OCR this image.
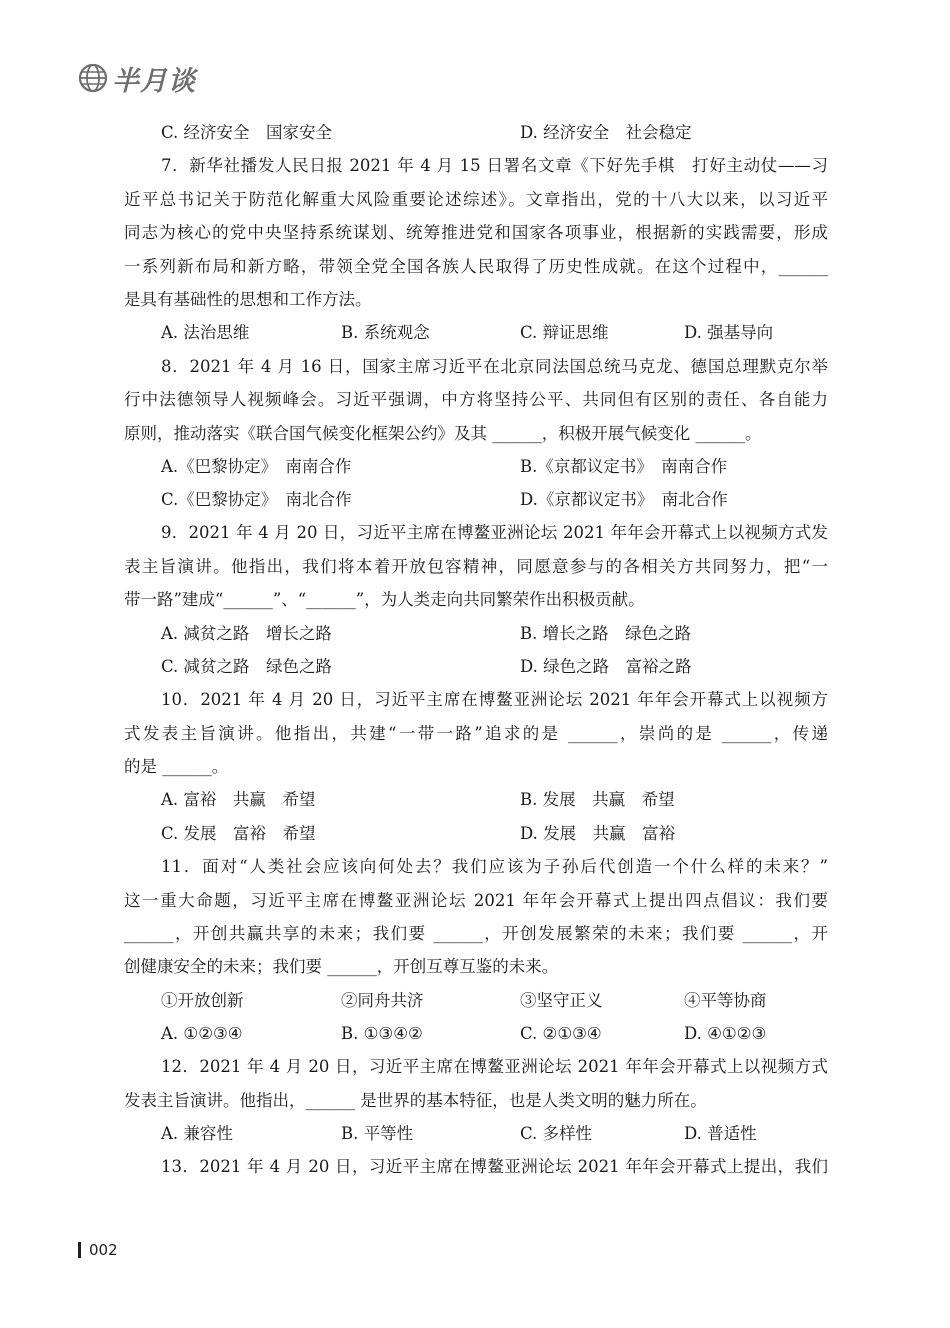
半月谈
C. 经济安全　国家安全	D. 经济安全　社会稳定
7．新华社播发人民日报 2021 年 4 月 15 日署名文章《下好先手棋　打好主动仗——习
近平总书记关于防范化解重大风险重要论述综述》。文章指出，党的十八大以来，以习近平
同志为核心的党中央坚持系统谋划、统筹推进党和国家各项事业，根据新的实践需要，形成
一系列新布局和新方略，带领全党全国各族人民取得了历史性成就。在这个过程中，______
是具有基础性的思想和工作方法。
A. 法治思维	B. 系统观念	C. 辩证思维	D. 强基导向
8．2021 年 4 月 16 日，国家主席习近平在北京同法国总统马克龙、德国总理默克尔举
行中法德领导人视频峰会。习近平强调，中方将坚持公平、共同但有区别的责任、各自能力
原则，推动落实《联合国气候变化框架公约》及其 ______，积极开展气候变化 ______。
A.《巴黎协定》　南南合作	B.《京都议定书》　南南合作
C.《巴黎协定》　南北合作	D.《京都议定书》　南北合作
9．2021 年 4 月 20 日，习近平主席在博鳌亚洲论坛 2021 年年会开幕式上以视频方式发
表主旨演讲。他指出，我们将本着开放包容精神，同愿意参与的各相关方共同努力，把“一
带一路”建成“______”、“______”，为人类走向共同繁荣作出积极贡献。
A. 减贫之路　增长之路	B. 增长之路　绿色之路
C. 减贫之路　绿色之路	D. 绿色之路　富裕之路
10．2021 年 4 月 20 日，习近平主席在博鳌亚洲论坛 2021 年年会开幕式上以视频方
式发表主旨演讲。他指出，共建“一带一路”追求的是 ______，崇尚的是 ______，传递
的是 ______。
A. 富裕　共赢　希望	B. 发展　共赢　希望
C. 发展　富裕　希望	D. 发展　共赢　富裕
11．面对“人类社会应该向何处去？我们应该为子孙后代创造一个什么样的未来？”
这一重大命题，习近平主席在博鳌亚洲论坛 2021 年年会开幕式上提出四点倡议：我们要
______，开创共赢共享的未来；我们要 ______，开创发展繁荣的未来；我们要 ______，开
创健康安全的未来；我们要 ______，开创互尊互鉴的未来。
①开放创新	②同舟共济	③坚守正义	④平等协商
A. ①②③④	B. ①③④②	C. ②①③④	D. ④①②③
12．2021 年 4 月 20 日，习近平主席在博鳌亚洲论坛 2021 年年会开幕式上以视频方式
发表主旨演讲。他指出，______ 是世界的基本特征，也是人类文明的魅力所在。
A. 兼容性	B. 平等性	C. 多样性	D. 普适性
13．2021 年 4 月 20 日，习近平主席在博鳌亚洲论坛 2021 年年会开幕式上提出，我们
002
